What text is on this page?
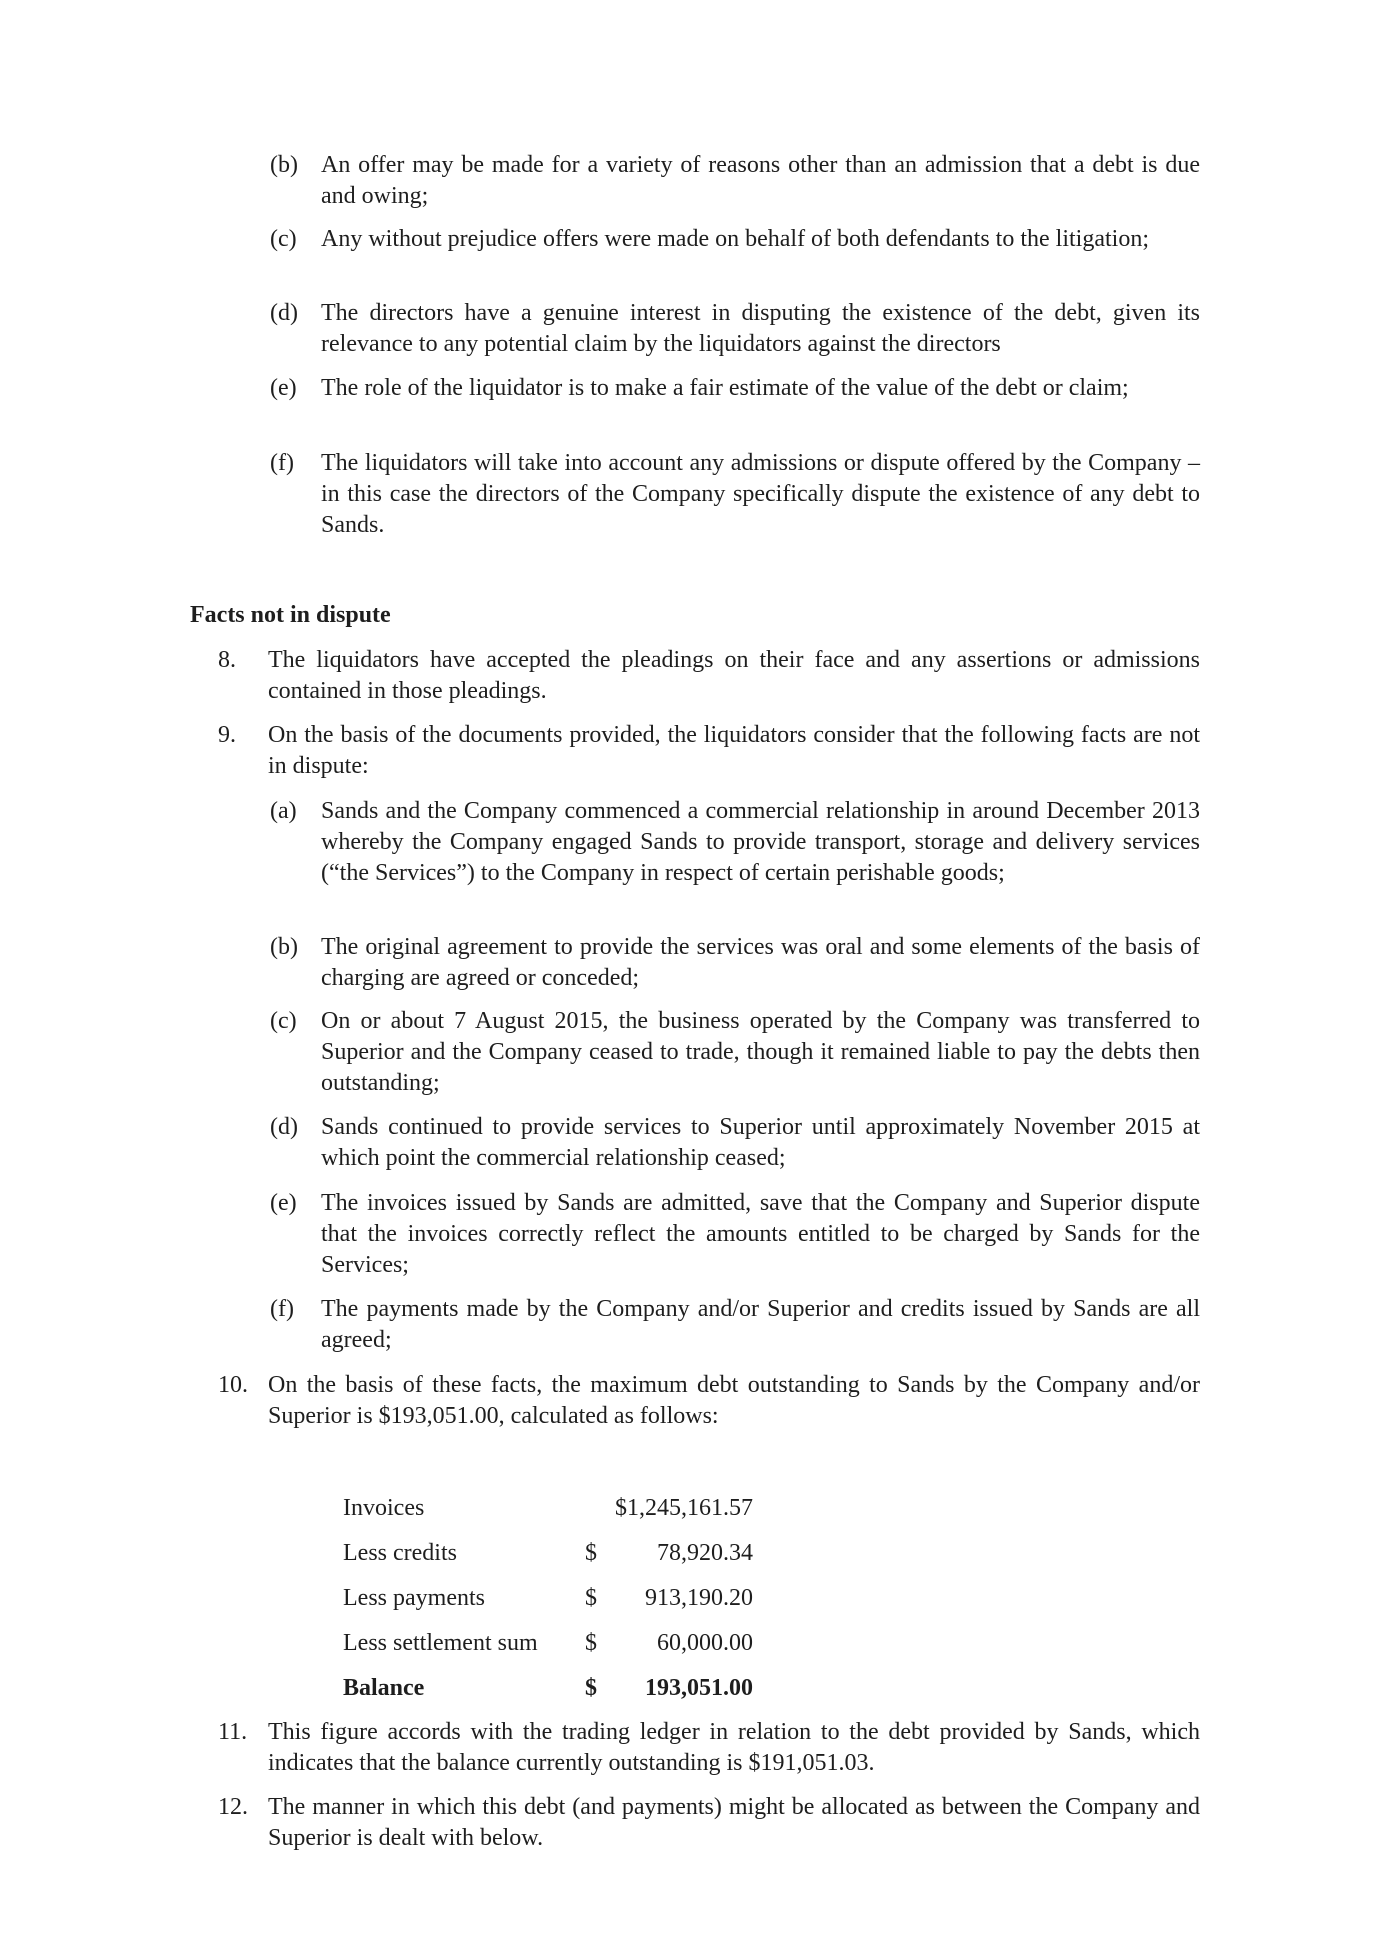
(b) An offer may be made for a variety of reasons other than an admission that a debt is due and owing;
(c) Any without prejudice offers were made on behalf of both defendants to the litigation;
(d) The directors have a genuine interest in disputing the existence of the debt, given its relevance to any potential claim by the liquidators against the directors
(e) The role of the liquidator is to make a fair estimate of the value of the debt or claim;
(f) The liquidators will take into account any admissions or dispute offered by the Company – in this case the directors of the Company specifically dispute the existence of any debt to Sands.
Facts not in dispute
8. The liquidators have accepted the pleadings on their face and any assertions or admissions contained in those pleadings.
9. On the basis of the documents provided, the liquidators consider that the following facts are not in dispute:
(a) Sands and the Company commenced a commercial relationship in around December 2013 whereby the Company engaged Sands to provide transport, storage and delivery services (“the Services”) to the Company in respect of certain perishable goods;
(b) The original agreement to provide the services was oral and some elements of the basis of charging are agreed or conceded;
(c) On or about 7 August 2015, the business operated by the Company was transferred to Superior and the Company ceased to trade, though it remained liable to pay the debts then outstanding;
(d) Sands continued to provide services to Superior until approximately November 2015 at which point the commercial relationship ceased;
(e) The invoices issued by Sands are admitted, save that the Company and Superior dispute that the invoices correctly reflect the amounts entitled to be charged by Sands for the Services;
(f) The payments made by the Company and/or Superior and credits issued by Sands are all agreed;
10. On the basis of these facts, the maximum debt outstanding to Sands by the Company and/or Superior is $193,051.00, calculated as follows:
Invoices		$1,245,161.57
Less credits	$	78,920.34
Less payments	$	913,190.20
Less settlement sum	$	60,000.00
Balance	$	193,051.00
11. This figure accords with the trading ledger in relation to the debt provided by Sands, which indicates that the balance currently outstanding is $191,051.03.
12. The manner in which this debt (and payments) might be allocated as between the Company and Superior is dealt with below.
